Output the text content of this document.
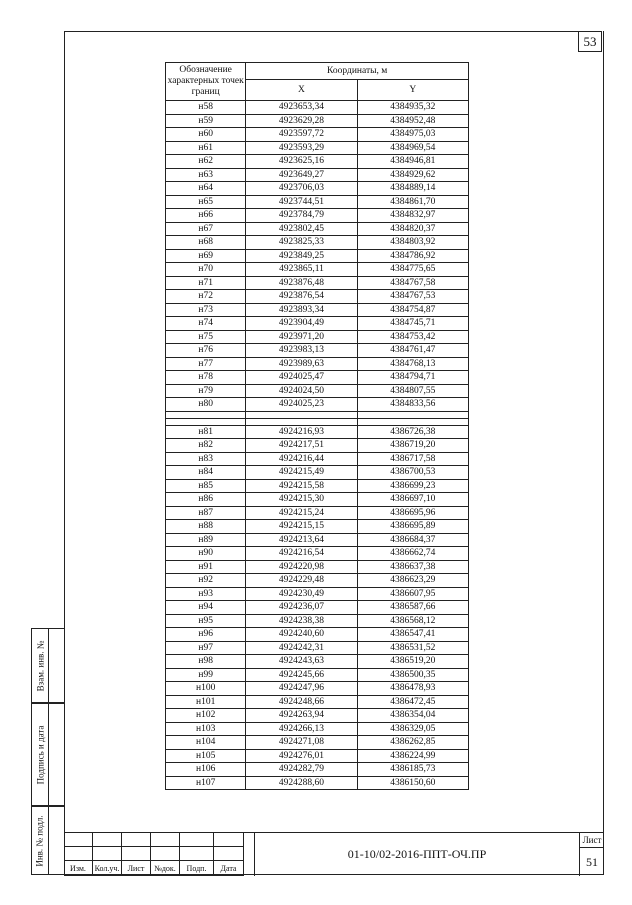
53
Взам. инв. №
Подпись и дата
Инв. № подл.
Обозначение характерных точек границ	Координаты, м	
	X	Y
н58	4923653,34	4384935,32
н59	4923629,28	4384952,48
н60	4923597,72	4384975,03
н61	4923593,29	4384969,54
н62	4923625,16	4384946,81
н63	4923649,27	4384929,62
н64	4923706,03	4384889,14
н65	4923744,51	4384861,70
н66	4923784,79	4384832,97
н67	4923802,45	4384820,37
н68	4923825,33	4384803,92
н69	4923849,25	4384786,92
н70	4923865,11	4384775,65
н71	4923876,48	4384767,58
н72	4923876,54	4384767,53
н73	4923893,34	4384754,87
н74	4923904,49	4384745,71
н75	4923971,20	4384753,42
н76	4923983,13	4384761,47
н77	4923989,63	4384768,13
н78	4924025,47	4384794,71
н79	4924024,50	4384807,55
н80	4924025,23	4384833,56

н81	4924216,93	4386726,38
н82	4924217,51	4386719,20
н83	4924216,44	4386717,58
н84	4924215,49	4386700,53
н85	4924215,58	4386699,23
н86	4924215,30	4386697,10
н87	4924215,24	4386695,96
н88	4924215,15	4386695,89
н89	4924213,64	4386684,37
н90	4924216,54	4386662,74
н91	4924220,98	4386637,38
н92	4924229,48	4386623,29
н93	4924230,49	4386607,95
н94	4924236,07	4386587,66
н95	4924238,38	4386568,12
н96	4924240,60	4386547,41
н97	4924242,31	4386531,52
н98	4924243,63	4386519,20
н99	4924245,66	4386500,35
н100	4924247,96	4386478,93
н101	4924248,66	4386472,45
н102	4924263,94	4386354,04
н103	4924266,13	4386329,05
н104	4924271,08	4386262,85
н105	4924276,01	4386224,99
н106	4924282,79	4386185,73
н107	4924288,60	4386150,60
Изм.	Кол.уч.	Лист	№док.	Подп.	Дата
01-10/02-2016-ППТ-ОЧ.ПР
Лист
51
